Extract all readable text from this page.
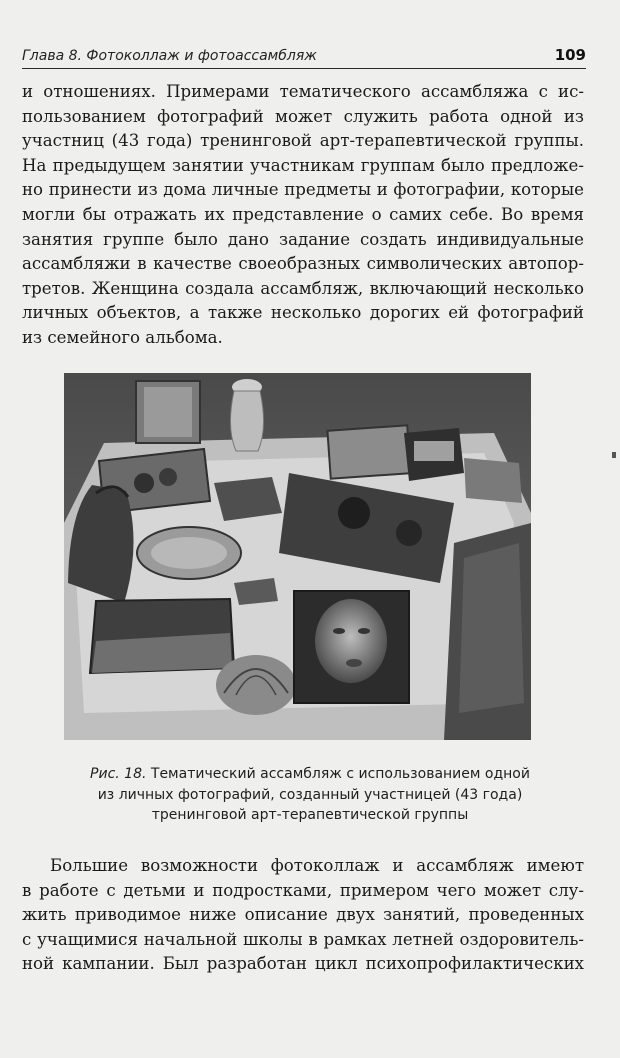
Глава 8. Фотоколлаж и фотоассамбляж	109
и отношениях. Примерами тематического ассамбляжа с ис-
пользованием фотографий может служить работа одной из
участниц (43 года) тренинговой арт-терапевтической группы.
На предыдущем занятии участникам группам было предложе-
но принести из дома личные предметы и фотографии, которые
могли бы отражать их представление о самих себе. Во время
занятия группе было дано задание создать индивидуальные
ассамбляжи в качестве своеобразных символических автопор-
третов. Женщина создала ассамбляж, включающий несколько
личных объектов, а также несколько дорогих ей фотографий
из семейного альбома.
Рис. 18. Тематический ассамбляж с использованием одной
из личных фотографий, созданный участницей (43 года)
тренинговой арт-терапевтической группы
Большие возможности фотоколлаж и ассамбляж имеют
в работе с детьми и подростками, примером чего может слу-
жить приводимое ниже описание двух занятий, проведенных
с учащимися начальной школы в рамках летней оздоровитель-
ной кампании. Был разработан цикл психопрофилактических
